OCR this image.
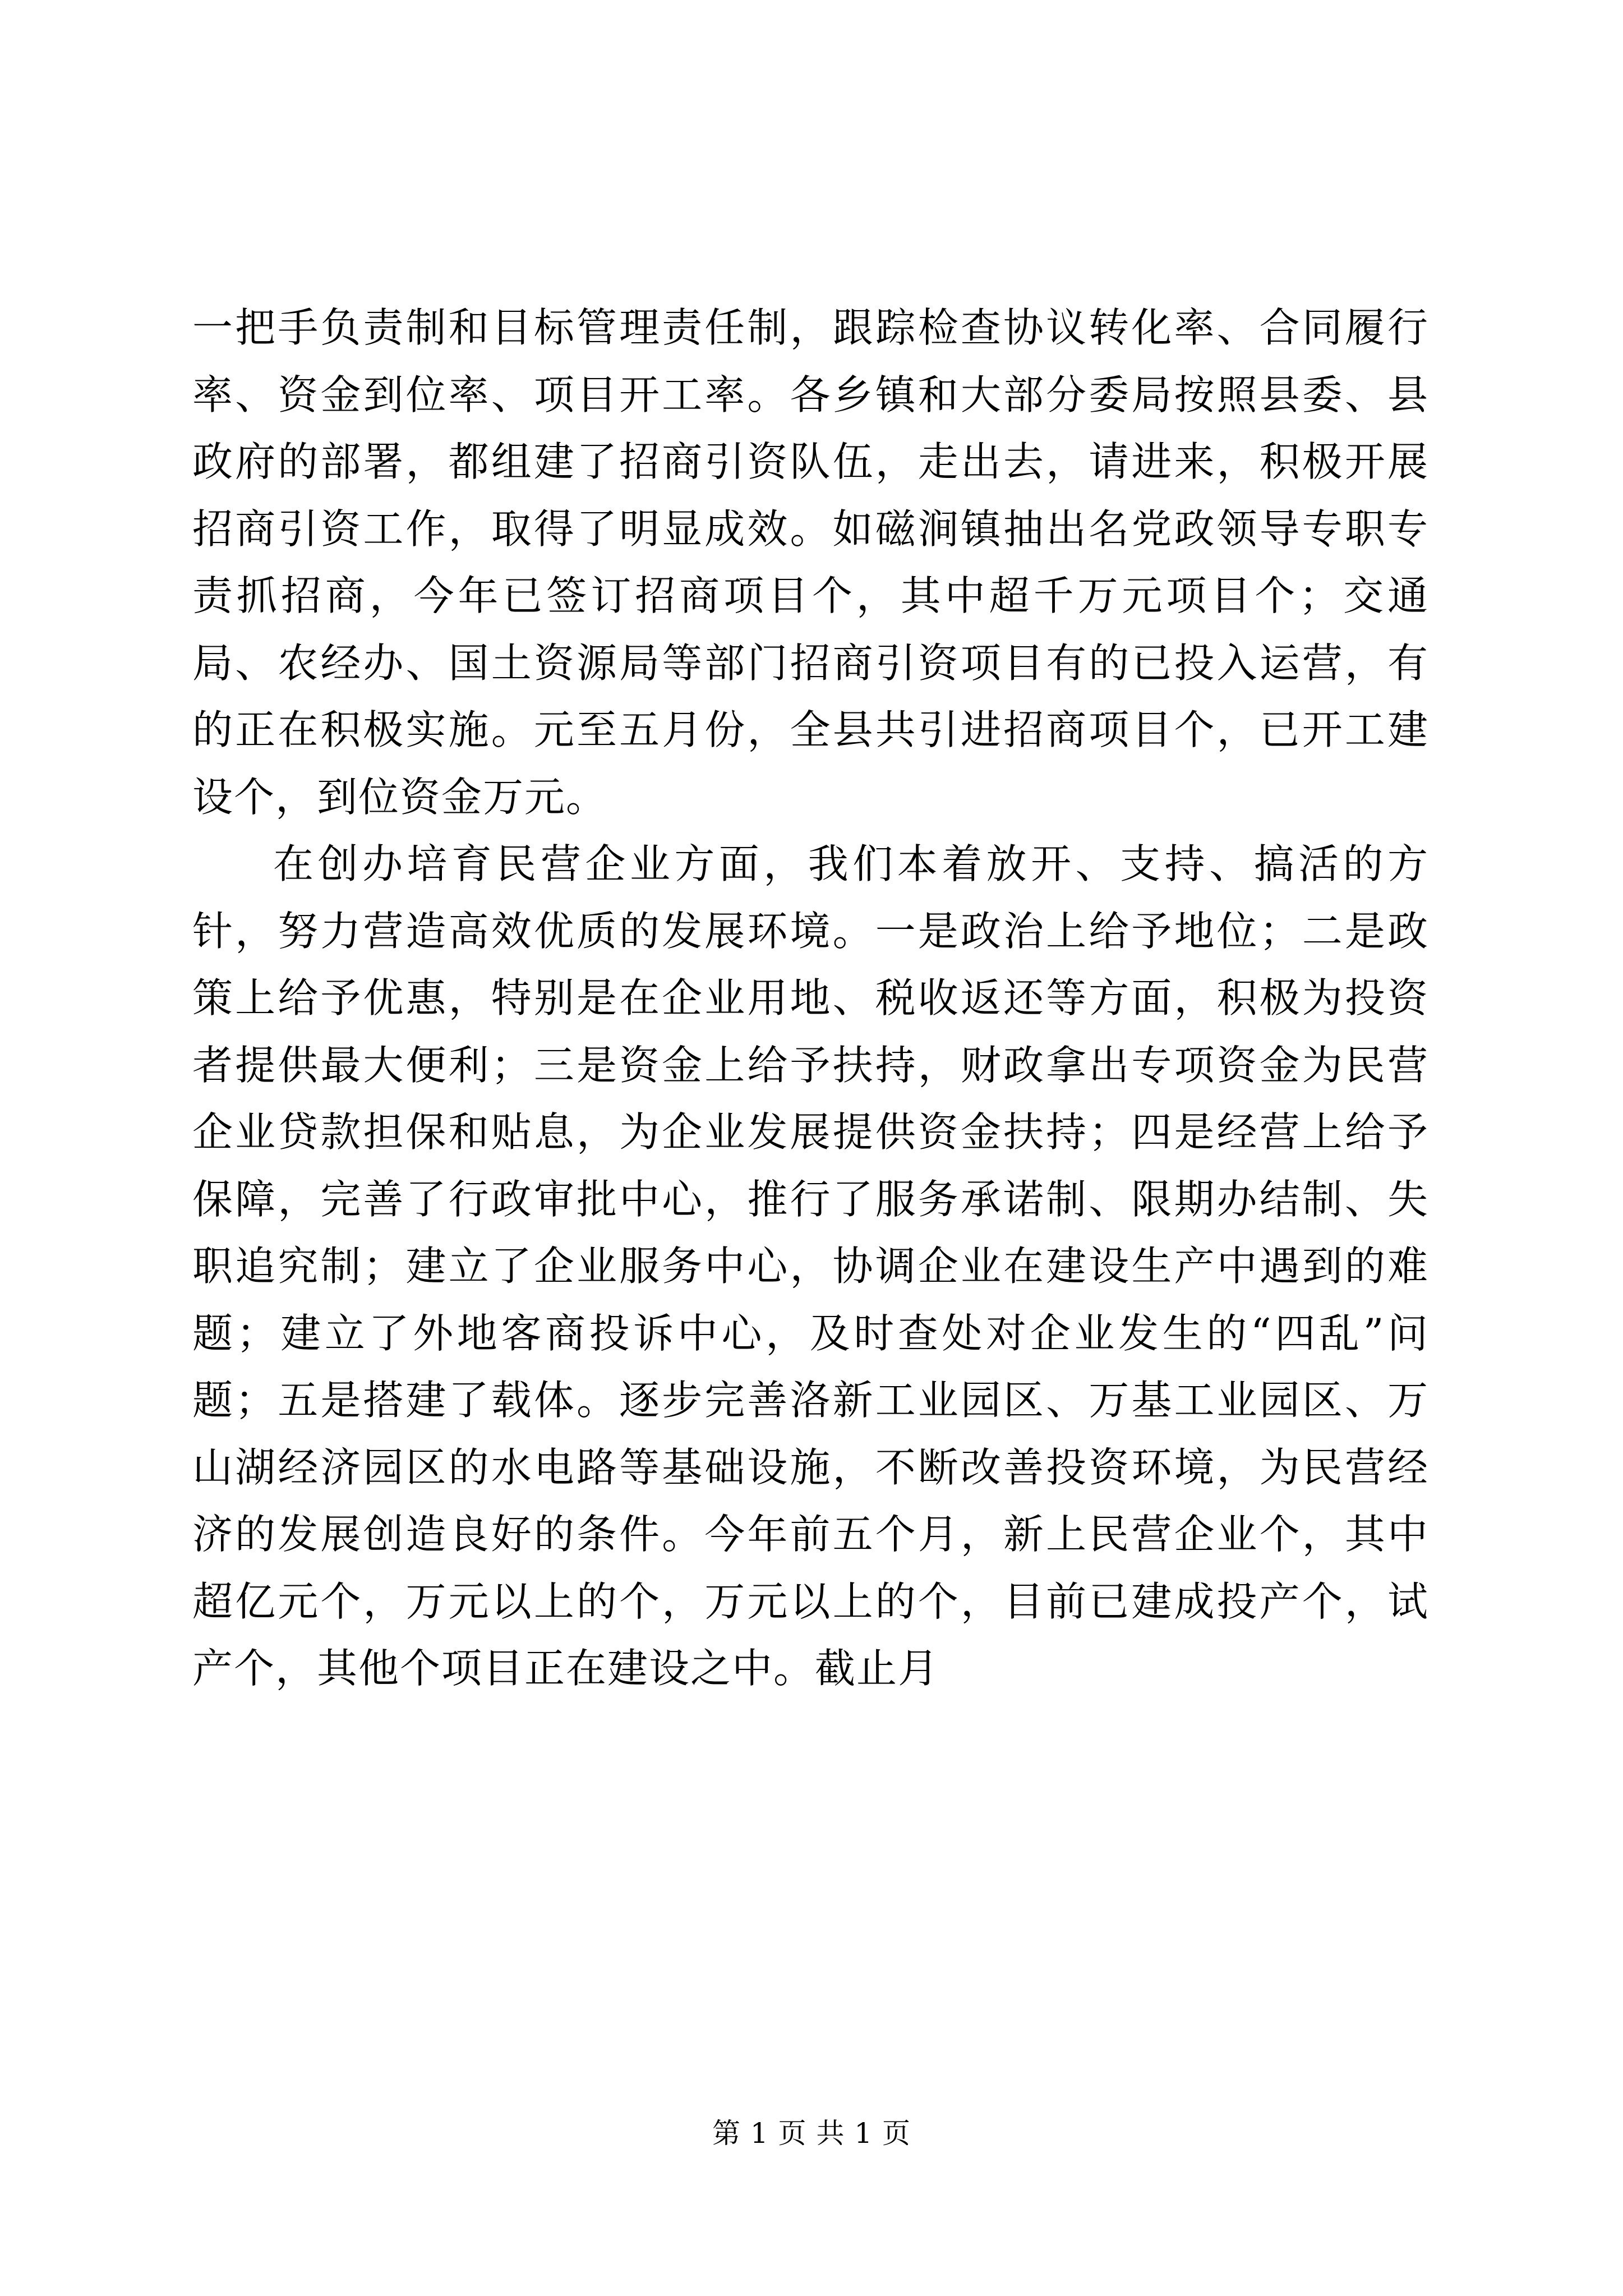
一把手负责制和目标管理责任制，跟踪检查协议转化率、合同履行率、资金到位率、项目开工率。各乡镇和大部分委局按照县委、县政府的部署，都组建了招商引资队伍，走出去，请进来，积极开展招商引资工作，取得了明显成效。如磁涧镇抽出名党政领导专职专责抓招商，今年已签订招商项目个，其中超千万元项目个；交通局、农经办、国土资源局等部门招商引资项目有的已投入运营，有的正在积极实施。元至五月份，全县共引进招商项目个，已开工建设个，到位资金万元。

在创办培育民营企业方面，我们本着放开、支持、搞活的方针，努力营造高效优质的发展环境。一是政治上给予地位；二是政策上给予优惠，特别是在企业用地、税收返还等方面，积极为投资者提供最大便利；三是资金上给予扶持，财政拿出专项资金为民营企业贷款担保和贴息，为企业发展提供资金扶持；四是经营上给予保障，完善了行政审批中心，推行了服务承诺制、限期办结制、失职追究制；建立了企业服务中心，协调企业在建设生产中遇到的难题；建立了外地客商投诉中心，及时查处对企业发生的“四乱”问题；五是搭建了载体。逐步完善洛新工业园区、万基工业园区、万山湖经济园区的水电路等基础设施，不断改善投资环境，为民营经济的发展创造良好的条件。今年前五个月，新上民营企业个，其中超亿元个，万元以上的个，万元以上的个，目前已建成投产个，试产个，其他个项目正在建设之中。截止月

第 1 页 共 1 页
